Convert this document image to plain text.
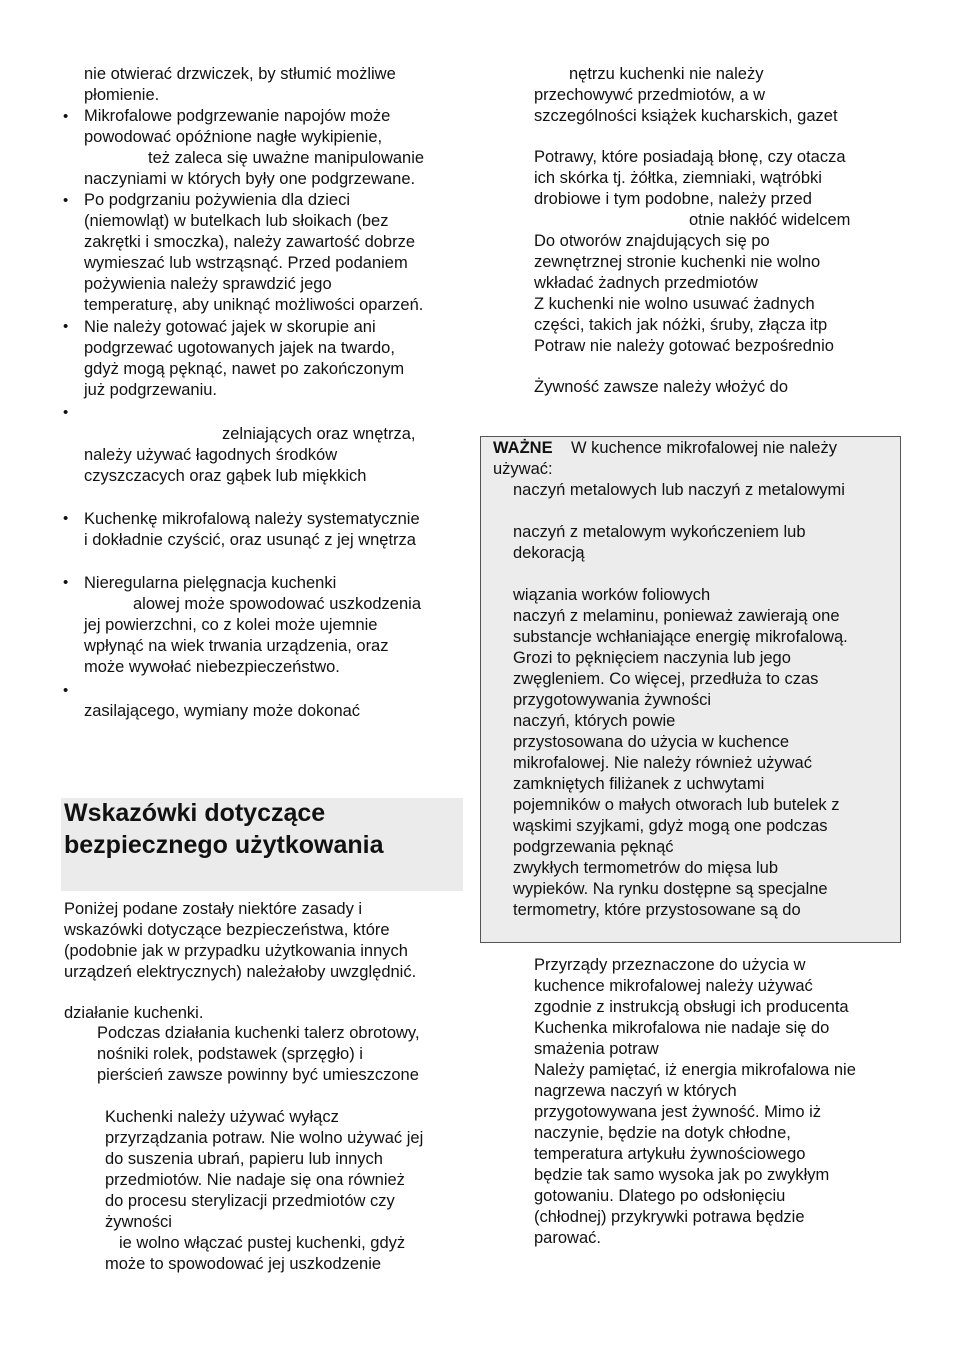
nie otwierać drzwiczek, by stłumić możliwe
płomienie.
• Mikrofalowe podgrzewanie napojów może
powodować opóźnione nagłe wykipienie,
też zaleca się uważne manipulowanie
naczyniami w których były one podgrzewane.
• Po podgrzaniu pożywienia dla dzieci
(niemowląt) w butelkach lub słoikach (bez
zakrętki i smoczka), należy zawartość dobrze
wymieszać lub wstrząsnąć. Przed podaniem
pożywienia należy sprawdzić jego
temperaturę, aby uniknąć możliwości oparzeń.
• Nie należy gotować jajek w skorupie ani
podgrzewać ugotowanych jajek na twardo,
gdyż mogą pęknąć, nawet po zakończonym
już podgrzewaniu.
•
zelniających oraz wnętrza,
należy używać łagodnych środków
czyszczacych oraz gąbek lub miękkich
• Kuchenkę mikrofalową należy systematycznie
i dokładnie czyścić, oraz usunąć z jej wnętrza
• Nieregularna pielęgnacja kuchenki
alowej może spowodować uszkodzenia
jej powierzchni, co z kolei może ujemnie
wpłynąć na wiek trwania urządzenia, oraz
może wywołać niebezpieczeństwo.
•
zasilającego, wymiany może dokonać
Wskazówki dotyczące
bezpiecznego użytkowania
Poniżej podane zostały niektóre zasady i
wskazówki dotyczące bezpieczeństwa, które
(podobnie jak w przypadku użytkowania innych
urządzeń elektrycznych) należałoby uwzględnić.
działanie kuchenki.
Podczas działania kuchenki talerz obrotowy,
nośniki rolek, podstawek (sprzęgło) i
pierścień zawsze powinny być umieszczone
Kuchenki należy używać wyłącz
przyrządzania potraw. Nie wolno używać jej
do suszenia ubrań, papieru lub innych
przedmiotów. Nie nadaje się ona również
do procesu sterylizacji przedmiotów czy
żywności
ie wolno włączać pustej kuchenki, gdyż
może to spowodować jej uszkodzenie
nętrzu kuchenki nie należy
przechowywć przedmiotów, a w
szczególności książek kucharskich, gazet
Potrawy, które posiadają błonę, czy otacza
ich skórka tj. żółtka, ziemniaki, wątróbki
drobiowe i tym podobne, należy przed
otnie nakłóć widelcem
Do otworów znajdujących się po
zewnętrznej stronie kuchenki nie wolno
wkładać żadnych przedmiotów
Z kuchenki nie wolno usuwać żadnych
części, takich jak nóżki, śruby, złącza itp
Potraw nie należy gotować bezpośrednio
Żywność zawsze należy włożyć do
WAŻNE W kuchence mikrofalowej nie należy
używać:
naczyń metalowych lub naczyń z metalowymi
naczyń z metalowym wykończeniem lub
dekoracją
wiązania worków foliowych
naczyń z melaminu, ponieważ zawierają one
substancje wchłaniające energię mikrofalową.
Grozi to pęknięciem naczynia lub jego
zwęgleniem. Co więcej, przedłuża to czas
przygotowywania żywności
naczyń, których powie
przystosowana do użycia w kuchence
mikrofalowej. Nie należy również używać
zamkniętych filiżanek z uchwytami
pojemników o małych otworach lub butelek z
wąskimi szyjkami, gdyż mogą one podczas
podgrzewania pęknąć
zwykłych termometrów do mięsa lub
wypieków. Na rynku dostępne są specjalne
termometry, które przystosowane są do
Przyrządy przeznaczone do użycia w
kuchence mikrofalowej należy używać
zgodnie z instrukcją obsługi ich producenta
Kuchenka mikrofalowa nie nadaje się do
smażenia potraw
Należy pamiętać, iż energia mikrofalowa nie
nagrzewa naczyń w których
przygotowywana jest żywność. Mimo iż
naczynie, będzie na dotyk chłodne,
temperatura artykułu żywnościowego
będzie tak samo wysoka jak po zwykłym
gotowaniu. Dlatego po odsłonięciu
(chłodnej) przykrywki potrawa będzie
parować.
